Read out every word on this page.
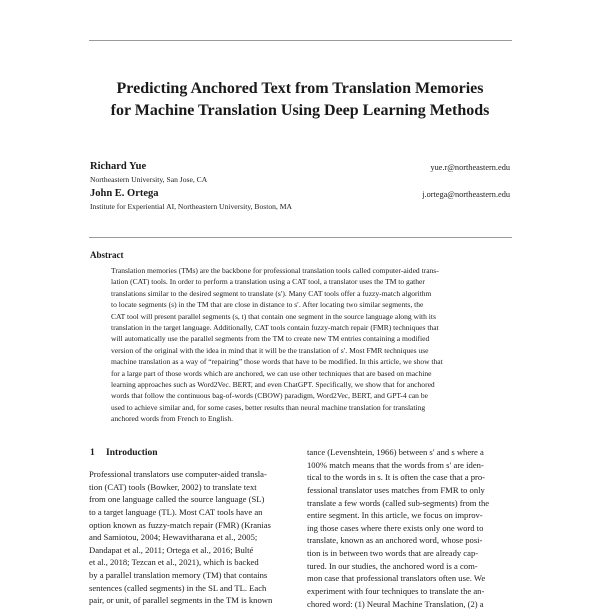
Predicting Anchored Text from Translation Memories
for Machine Translation Using Deep Learning Methods
Richard Yue
Northeastern University, San Jose, CA
yue.r@northeastern.edu
John E. Ortega
Institute for Experiential AI, Northeastern University, Boston, MA
j.ortega@northeastern.edu
Abstract
Translation memories (TMs) are the backbone for professional translation tools called computer-aided trans-
lation (CAT) tools. In order to perform a translation using a CAT tool, a translator uses the TM to gather
translations similar to the desired segment to translate (s′). Many CAT tools offer a fuzzy-match algorithm
to locate segments (s) in the TM that are close in distance to s′. After locating two similar segments, the
CAT tool will present parallel segments (s, t) that contain one segment in the source language along with its
translation in the target language. Additionally, CAT tools contain fuzzy-match repair (FMR) techniques that
will automatically use the parallel segments from the TM to create new TM entries containing a modified
version of the original with the idea in mind that it will be the translation of s′. Most FMR techniques use
machine translation as a way of “repairing” those words that have to be modified. In this article, we show that
for a large part of those words which are anchored, we can use other techniques that are based on machine
learning approaches such as Word2Vec. BERT, and even ChatGPT. Specifically, we show that for anchored
words that follow the continuous bag-of-words (CBOW) paradigm, Word2Vec, BERT, and GPT-4 can be
used to achieve similar and, for some cases, better results than neural machine translation for translating
anchored words from French to English.
1 Introduction
Professional translators use computer-aided transla-
tion (CAT) tools (Bowker, 2002) to translate text
from one language called the source language (SL)
to a target language (TL). Most CAT tools have an
option known as fuzzy-match repair (FMR) (Kranias
and Samiotou, 2004; Hewavitharana et al., 2005;
Dandapat et al., 2011; Ortega et al., 2016; Bulté
et al., 2018; Tezcan et al., 2021), which is backed
by a parallel translation memory (TM) that contains
sentences (called segments) in the SL and TL. Each
pair, or unit, of parallel segments in the TM is known
tance (Levenshtein, 1966) between s′ and s where a
100% match means that the words from s′ are iden-
tical to the words in s. It is often the case that a pro-
fessional translator uses matches from FMR to only
translate a few words (called sub-segments) from the
entire segment. In this article, we focus on improv-
ing those cases where there exists only one word to
translate, known as an anchored word, whose posi-
tion is in between two words that are already cap-
tured. In our studies, the anchored word is a com-
mon case that professional translators often use. We
experiment with four techniques to translate the an-
chored word: (1) Neural Machine Translation, (2) a
